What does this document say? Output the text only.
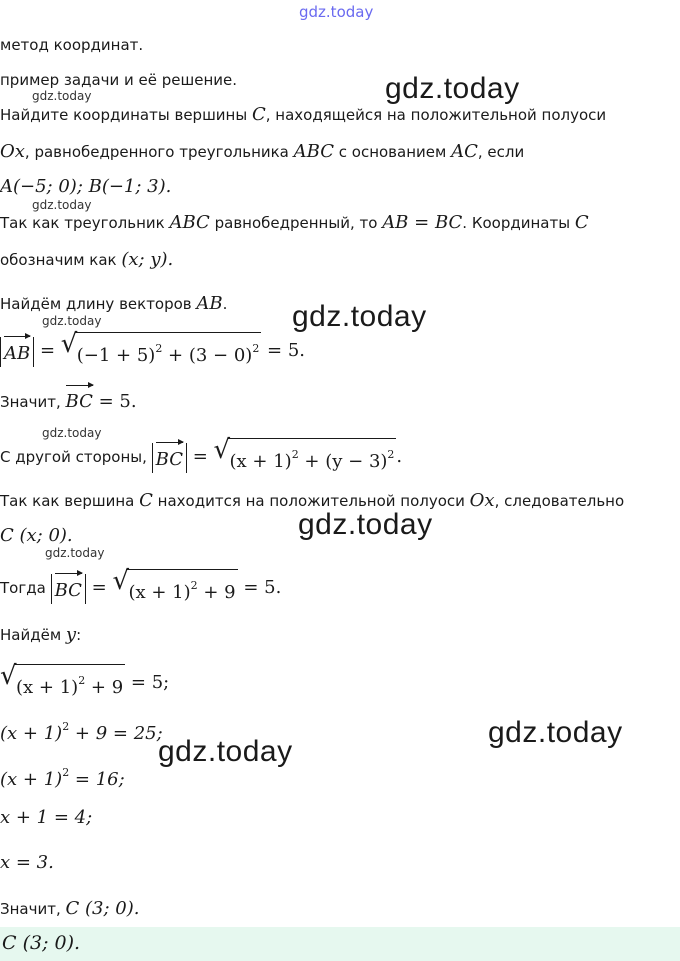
gdz.today
метод координат.
пример задачи и её решение.
gdz.today	gdz.today
Найдите координаты вершины C, находящейся на положительной полуоси
Ox, равнобедренного треугольника ABC с основанием AC, если
A(−5; 0); B(−1; 3).
gdz.today
Так как треугольник ABC равнобедренный, то AB = BC. Координаты C
обозначим как (x; y).
Найдём длину векторов AB.
gdz.today	gdz.today
AB = √ $(-1 + 5)^2 + (3 - 0)^2 = 5$.
Значит,
BC = 5.
gdz.today
С другой стороны,
BC = √ $(x + 1)^2 + (y - 3)^2$ .
Так как вершина C находится на положительной полуоси Ox, следовательно
C (x; 0).	gdz.today
gdz.today
Тогда
BC = √ $(x + 1)^2 + 9 = 5$.
Найдём y:
√ $(x + 1)^2 + 9 = 5$;
$(x + 1)^2 + 9 = 25$;	gdz.today
gdz.today
$(x + 1)^2 = 16$;
x + 1 = 4;
x = 3.
Значит, C (3; 0).
C (3; 0).
